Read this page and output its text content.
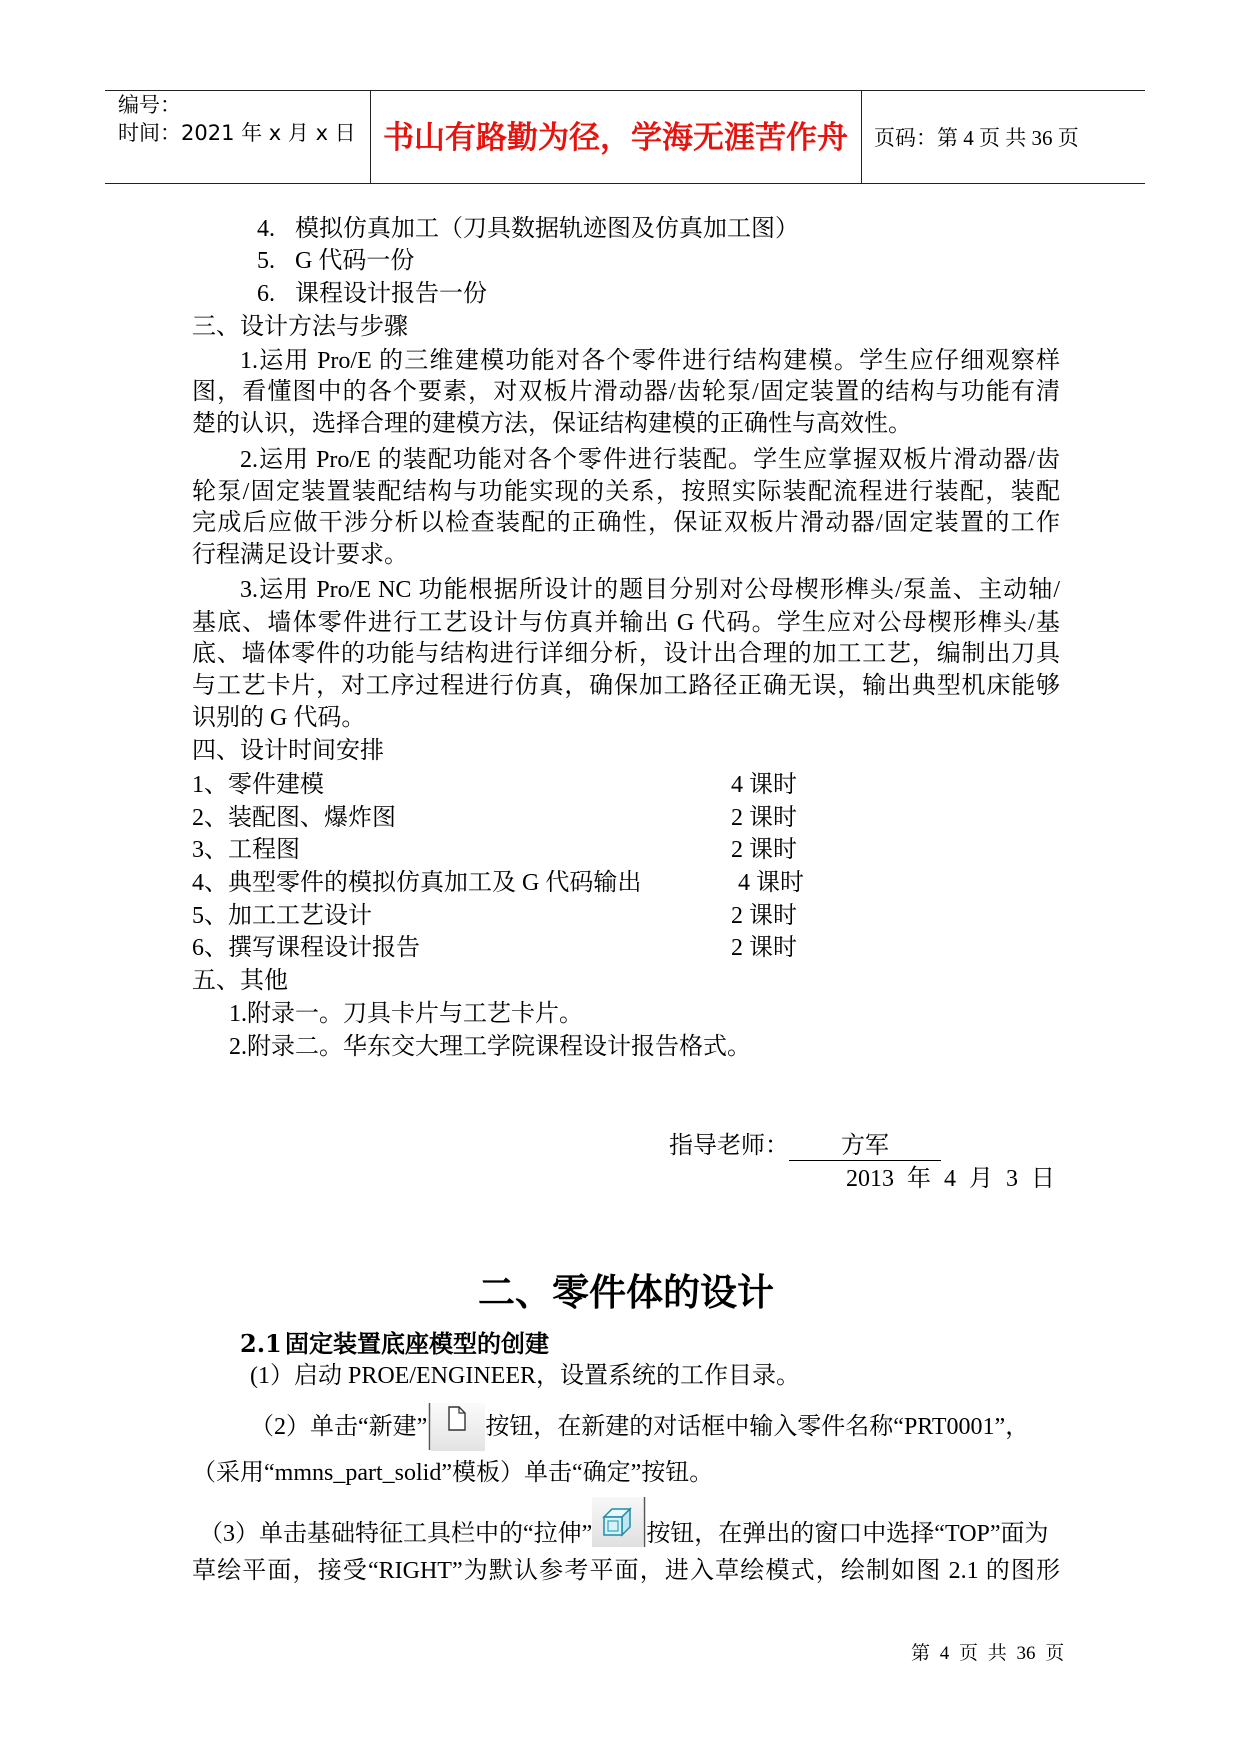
编号：
时间：2021 年 x 月 x 日 书山有路勤为径，学海无涯苦作舟	页码：第 4 页 共 36 页
4. 模拟仿真加工（刀具数据轨迹图及仿真加工图）
5. G 代码一份
6. 课程设计报告一份
三、设计方法与步骤
1.运用 Pro/E 的三维建模功能对各个零件进行结构建模。学生应仔细观察样
图，看懂图中的各个要素，对双板片滑动器/齿轮泵/固定装置的结构与功能有清
楚的认识，选择合理的建模方法，保证结构建模的正确性与高效性。
2.运用 Pro/E 的装配功能对各个零件进行装配。学生应掌握双板片滑动器/齿
轮泵/固定装置装配结构与功能实现的关系，按照实际装配流程进行装配，装配
完成后应做干涉分析以检查装配的正确性，保证双板片滑动器/固定装置的工作
行程满足设计要求。
3.运用 Pro/E NC 功能根据所设计的题目分别对公母楔形榫头/泵盖、主动轴/
基底、墙体零件进行工艺设计与仿真并输出 G 代码。学生应对公母楔形榫头/基
底、墙体零件的功能与结构进行详细分析，设计出合理的加工工艺，编制出刀具
与工艺卡片，对工序过程进行仿真，确保加工路径正确无误，输出典型机床能够
识别的 G 代码。
四、设计时间安排
1、零件建模	4 课时
2、装配图、爆炸图	2 课时
3、工程图	2 课时
4、典型零件的模拟仿真加工及 G 代码输出	4 课时
5、加工工艺设计	2 课时
6、撰写课程设计报告	2 课时
五、其他
1.附录一。刀具卡片与工艺卡片。
2.附录二。华东交大理工学院课程设计报告格式。
指导老师： 方军
2013 年 4 月 3 日
二、零件体的设计
2.1 固定装置底座模型的创建
(1）启动 PROE/ENGINEER，设置系统的工作目录。
（2）单击“新建” 按钮，在新建的对话框中输入零件名称“PRT0001”，
（采用“mmns_part_solid”模板）单击“确定”按钮。
（3）单击基础特征工具栏中的“拉伸” 按钮，在弹出的窗口中选择“TOP”面为
草绘平面，接受“RIGHT”为默认参考平面，进入草绘模式，绘制如图 2.1 的图形
第 4 页 共 36 页
